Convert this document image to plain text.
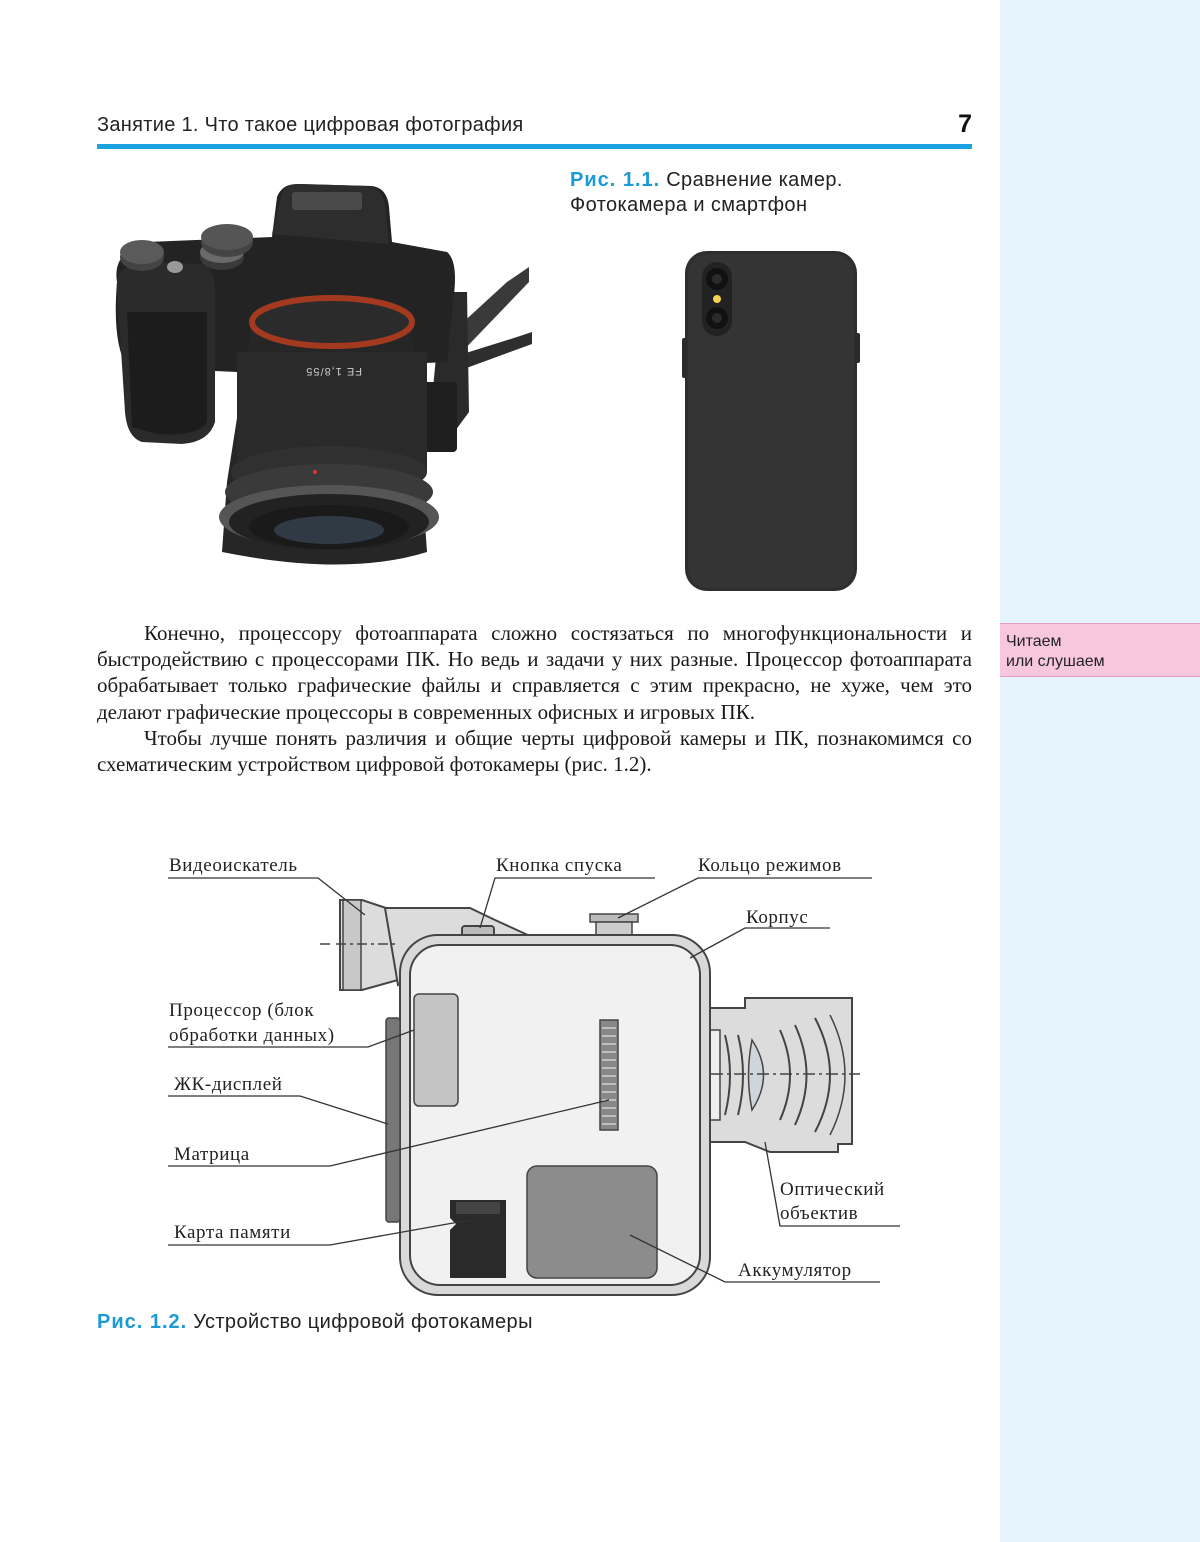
Читаем
или слушаем
Занятие 1. Что такое цифровая фотография	7
FE 1,8/55
Рис. 1.1. Сравнение камер.
Фотокамера и смартфон

Конечно, процессору фотоаппарата сложно состязаться по многофункциональности и быстродействию с процессорами ПК. Но ведь и задачи у них разные. Процессор фотоаппарата обрабатывает только графические файлы и справляется с этим прекрасно, не хуже, чем это делают графические процессоры в современных офисных и игровых ПК.

Чтобы лучше понять различия и общие черты цифровой камеры и ПК, познакомимся со схематическим устройством цифровой фотокамеры (рис. 1.2).

Видеоискатель	Кнопка спуска	Кольцо режимов
Корпус
Процессор (блок
обработки данных)
ЖК-дисплей
Матрица
Карта памяти
Оптический
объектив
Аккумулятор
Рис. 1.2. Устройство цифровой фотокамеры
